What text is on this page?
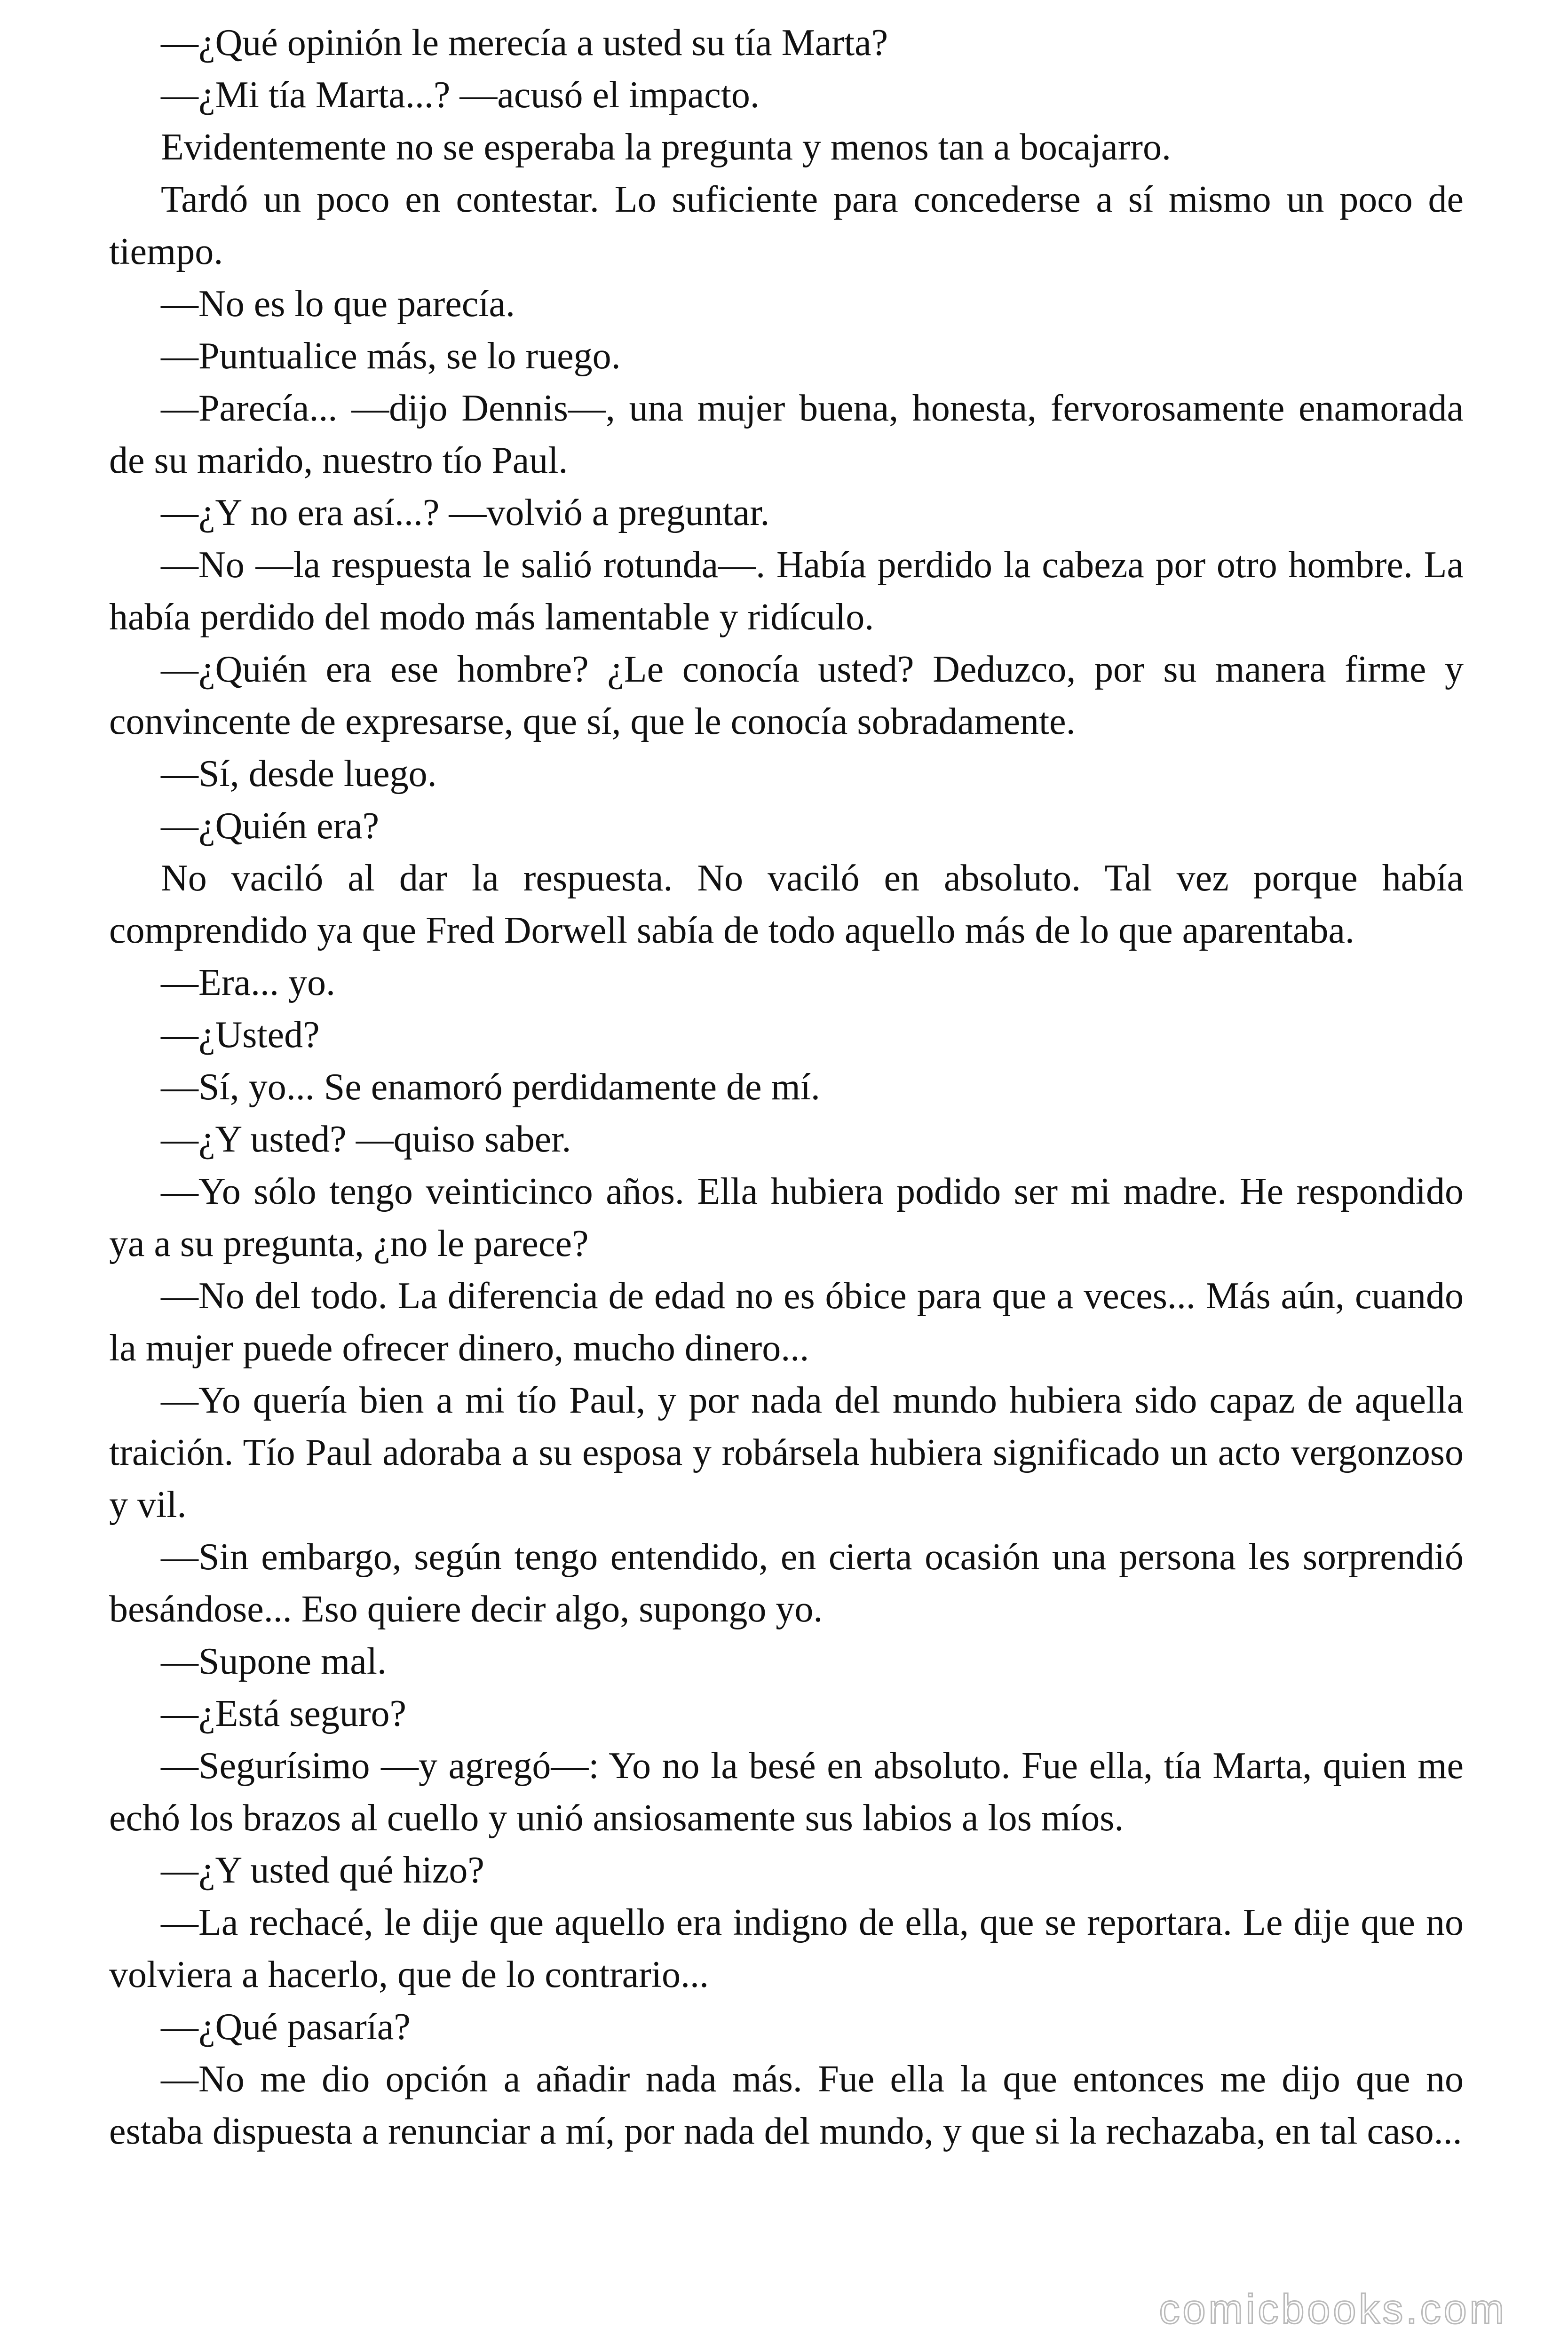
—¿Qué opinión le merecía a usted su tía Marta?

—¿Mi tía Marta...? —acusó el impacto.

Evidentemente no se esperaba la pregunta y menos tan a bocajarro.

Tardó un poco en contestar. Lo suficiente para concederse a sí mismo un poco de tiempo.

—No es lo que parecía.

—Puntualice más, se lo ruego.

—Parecía... —dijo Dennis—, una mujer buena, honesta, fervorosamente enamorada de su marido, nuestro tío Paul.

—¿Y no era así...? —volvió a preguntar.

—No —la respuesta le salió rotunda—. Había perdido la cabeza por otro hombre. La había perdido del modo más lamentable y ridículo.

—¿Quién era ese hombre? ¿Le conocía usted? Deduzco, por su manera firme y convincente de expresarse, que sí, que le conocía sobradamente.

—Sí, desde luego.

—¿Quién era?

No vaciló al dar la respuesta. No vaciló en absoluto. Tal vez porque había comprendido ya que Fred Dorwell sabía de todo aquello más de lo que aparentaba.

—Era... yo.

—¿Usted?

—Sí, yo... Se enamoró perdidamente de mí.

—¿Y usted? —quiso saber.

—Yo sólo tengo veinticinco años. Ella hubiera podido ser mi madre. He respondido ya a su pregunta, ¿no le parece?

—No del todo. La diferencia de edad no es óbice para que a veces... Más aún, cuando la mujer puede ofrecer dinero, mucho dinero...

—Yo quería bien a mi tío Paul, y por nada del mundo hubiera sido capaz de aquella traición. Tío Paul adoraba a su esposa y robársela hubiera significado un acto vergonzoso y vil.

—Sin embargo, según tengo entendido, en cierta ocasión una persona les sorprendió besándose... Eso quiere decir algo, supongo yo.

—Supone mal.

—¿Está seguro?

—Segurísimo —y agregó—: Yo no la besé en absoluto. Fue ella, tía Marta, quien me echó los brazos al cuello y unió ansiosamente sus labios a los míos.

—¿Y usted qué hizo?

—La rechacé, le dije que aquello era indigno de ella, que se reportara. Le dije que no volviera a hacerlo, que de lo contrario...

—¿Qué pasaría?

—No me dio opción a añadir nada más. Fue ella la que entonces me dijo que no estaba dispuesta a renunciar a mí, por nada del mundo, y que si la rechazaba, en tal caso...

comicbooks.com
